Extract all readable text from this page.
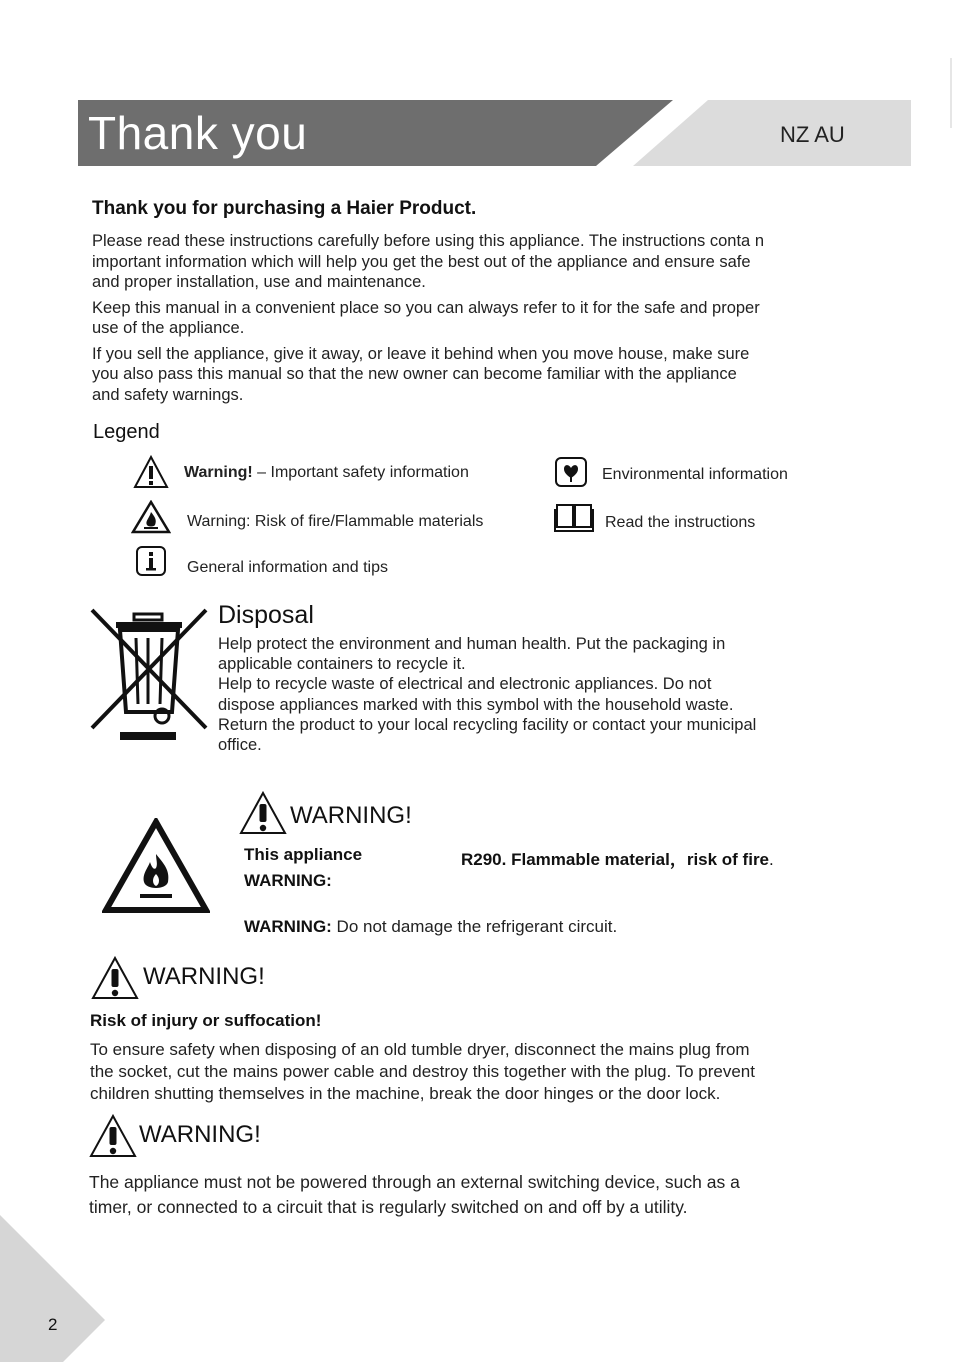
Thank you	NZ AU
Thank you for purchasing a Haier Product.

Please read these instructions carefully before using this appliance. The instructions conta n
important information which will help you get the best out of the appliance and ensure safe
and proper installation, use and maintenance.

Keep this manual in a convenient place so you can always refer to it for the safe and proper
use of the appliance.

If you sell the appliance, give it away, or leave it behind when you move house, make sure
you also pass this manual so that the new owner can become familiar with the appliance
and safety warnings.

Legend
Warning! – Important safety information	Environmental information
Warning: Risk of fire/Flammable materials	Read the instructions
General information and tips
Disposal
Help protect the environment and human health. Put the packaging in
applicable containers to recycle it.
Help to recycle waste of electrical and electronic appliances. Do not
dispose appliances marked with this symbol with the household waste.
Return the product to your local recycling facility or contact your municipal
office.
WARNING!
This appliance	R290. Flammable material，risk of fire.
WARNING:
WARNING: Do not damage the refrigerant circuit.
WARNING!
Risk of injury or suffocation!
To ensure safety when disposing of an old tumble dryer, disconnect the mains plug from
the socket, cut the mains power cable and destroy this together with the plug. To prevent
children shutting themselves in the machine, break the door hinges or the door lock.
WARNING!
The appliance must not be powered through an external switching device, such as a
timer, or connected to a circuit that is regularly switched on and off by a utility.
2
